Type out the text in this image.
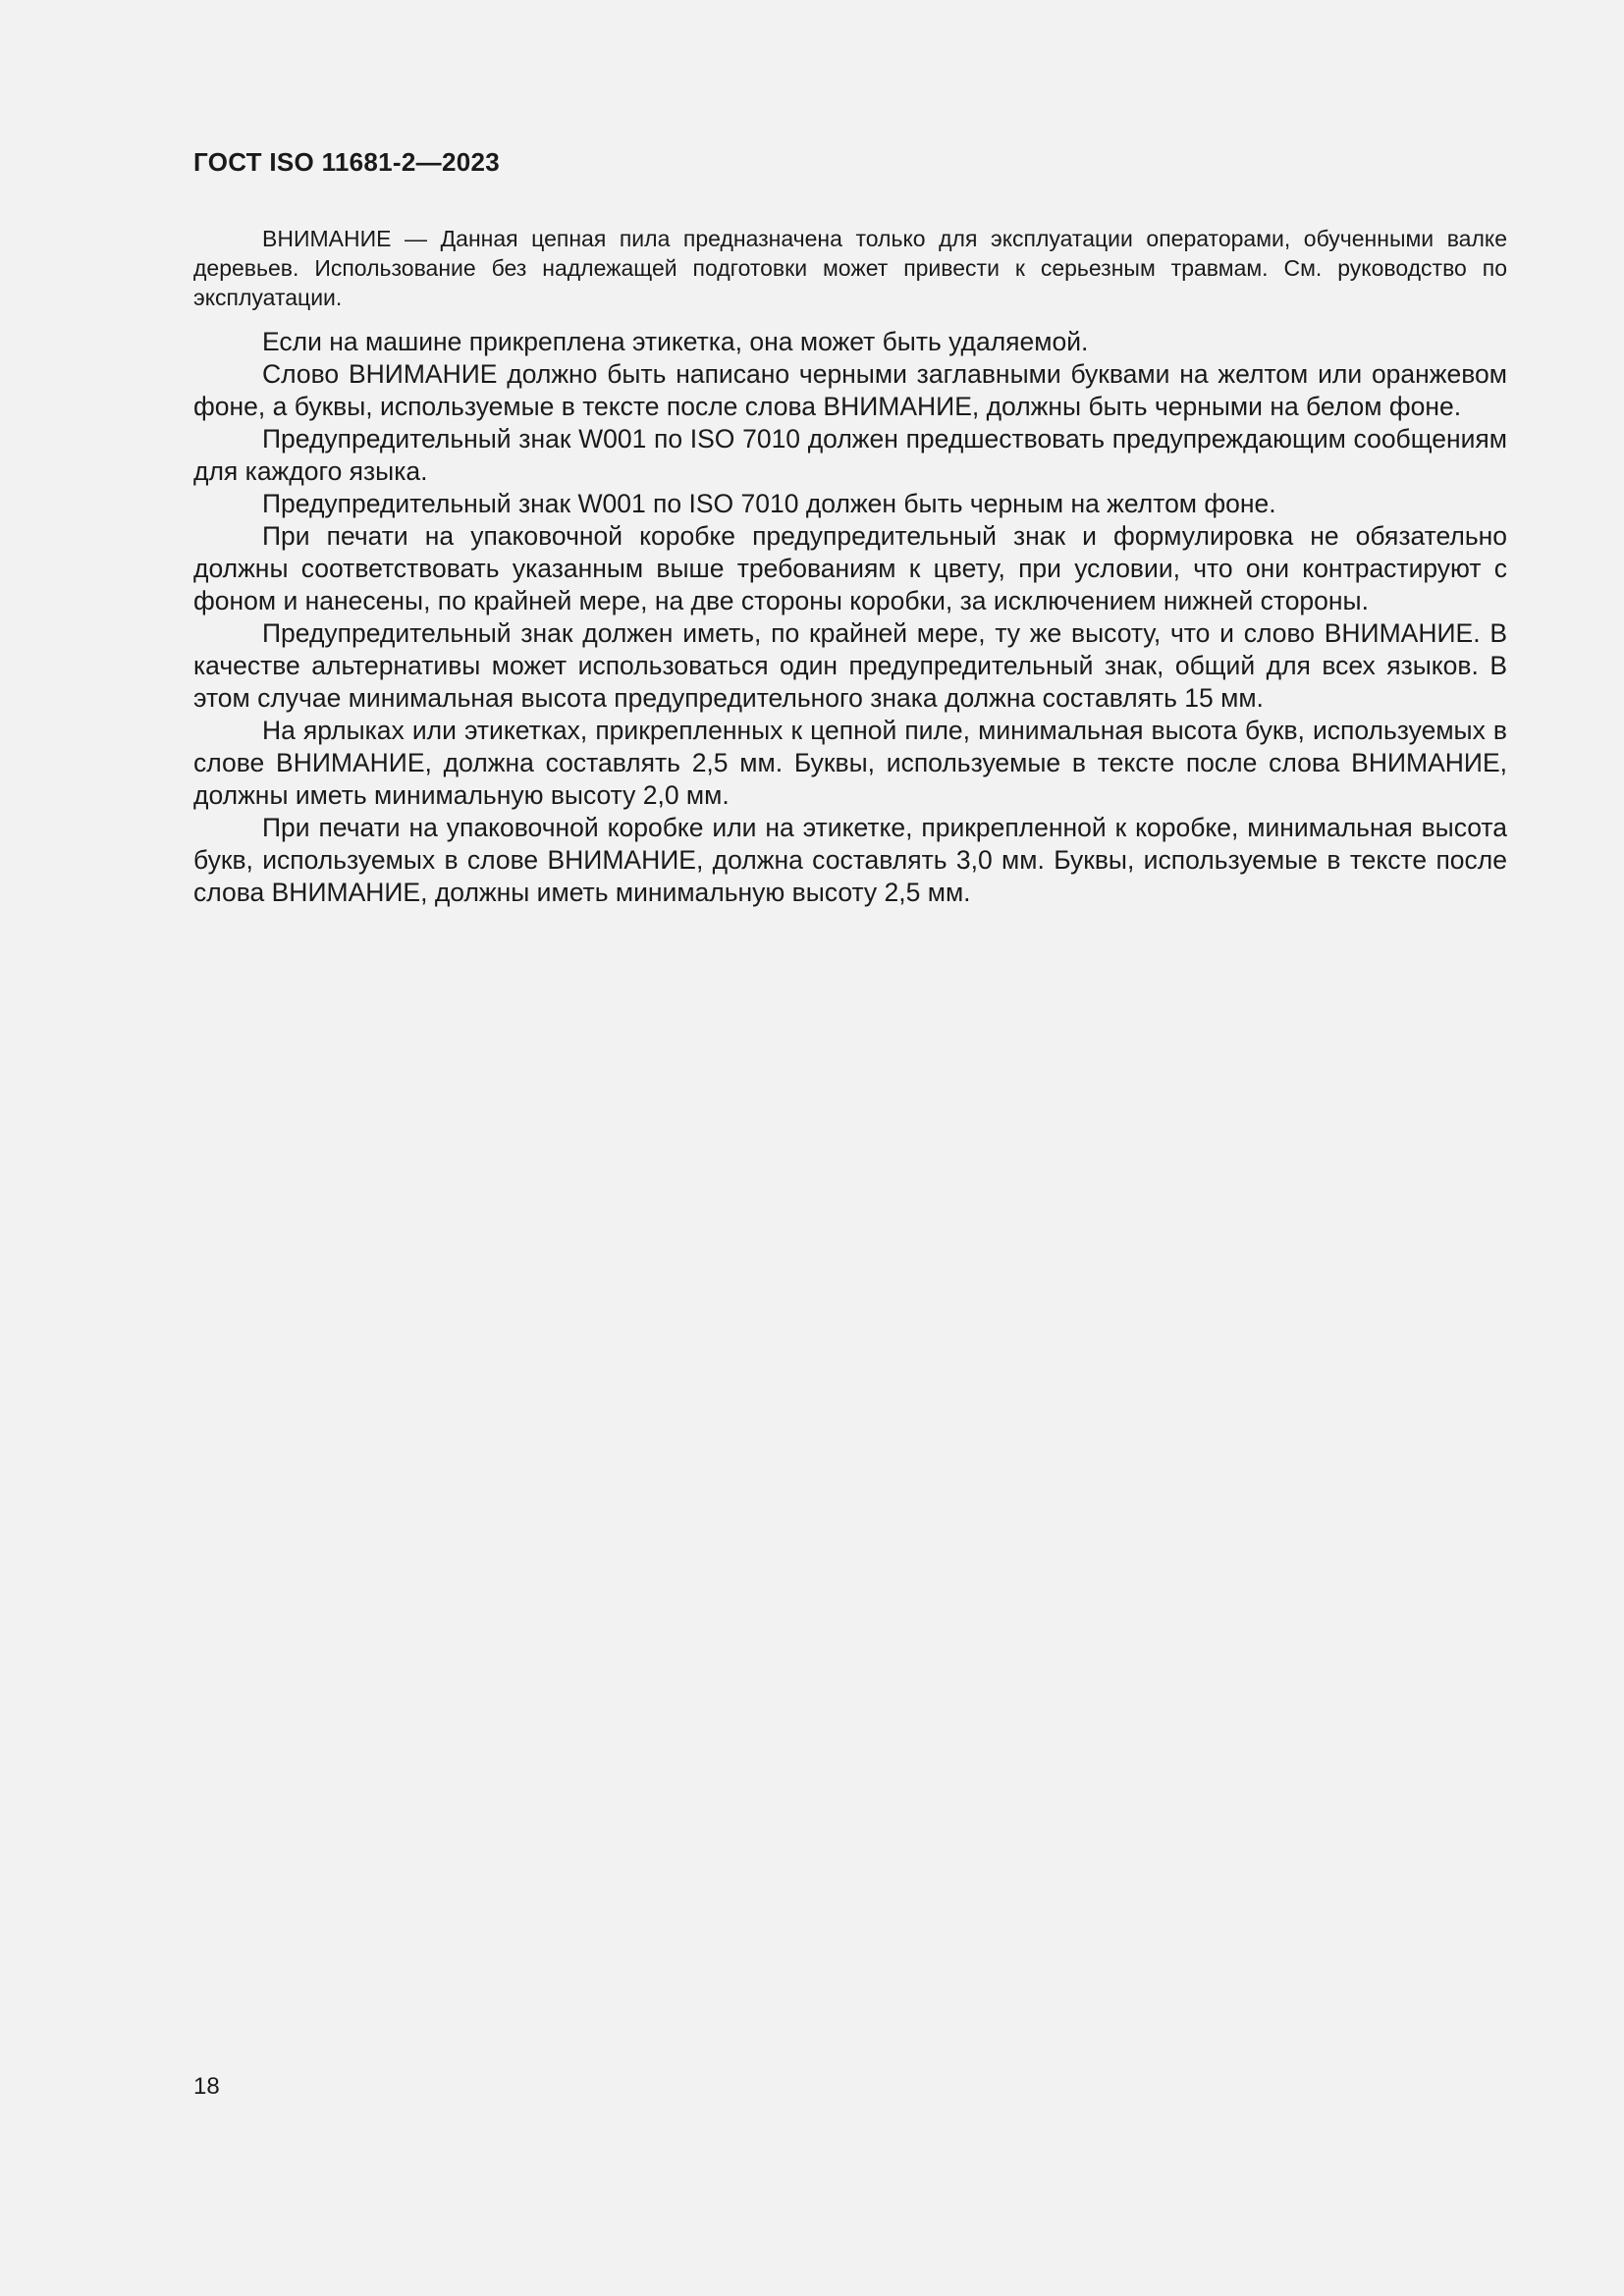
ГОСТ ISO 11681-2—2023

ВНИМАНИЕ — Данная цепная пила предназначена только для эксплуатации операторами, обученными валке деревьев. Использование без надлежащей подготовки может привести к серьезным травмам. См. руководство по эксплуатации.

Если на машине прикреплена этикетка, она может быть удаляемой.

Слово ВНИМАНИЕ должно быть написано черными заглавными буквами на желтом или оранжевом фоне, а буквы, используемые в тексте после слова ВНИМАНИЕ, должны быть черными на белом фоне.

Предупредительный знак W001 по ISO 7010 должен предшествовать предупреждающим сообщениям для каждого языка.

Предупредительный знак W001 по ISO 7010 должен быть черным на желтом фоне.

При печати на упаковочной коробке предупредительный знак и формулировка не обязательно должны соответствовать указанным выше требованиям к цвету, при условии, что они контрастируют с фоном и нанесены, по крайней мере, на две стороны коробки, за исключением нижней стороны.

Предупредительный знак должен иметь, по крайней мере, ту же высоту, что и слово ВНИМАНИЕ. В качестве альтернативы может использоваться один предупредительный знак, общий для всех языков. В этом случае минимальная высота предупредительного знака должна составлять 15 мм.

На ярлыках или этикетках, прикрепленных к цепной пиле, минимальная высота букв, используемых в слове ВНИМАНИЕ, должна составлять 2,5 мм. Буквы, используемые в тексте после слова ВНИМАНИЕ, должны иметь минимальную высоту 2,0 мм.

При печати на упаковочной коробке или на этикетке, прикрепленной к коробке, минимальная высота букв, используемых в слове ВНИМАНИЕ, должна составлять 3,0 мм. Буквы, используемые в тексте после слова ВНИМАНИЕ, должны иметь минимальную высоту 2,5 мм.

18
